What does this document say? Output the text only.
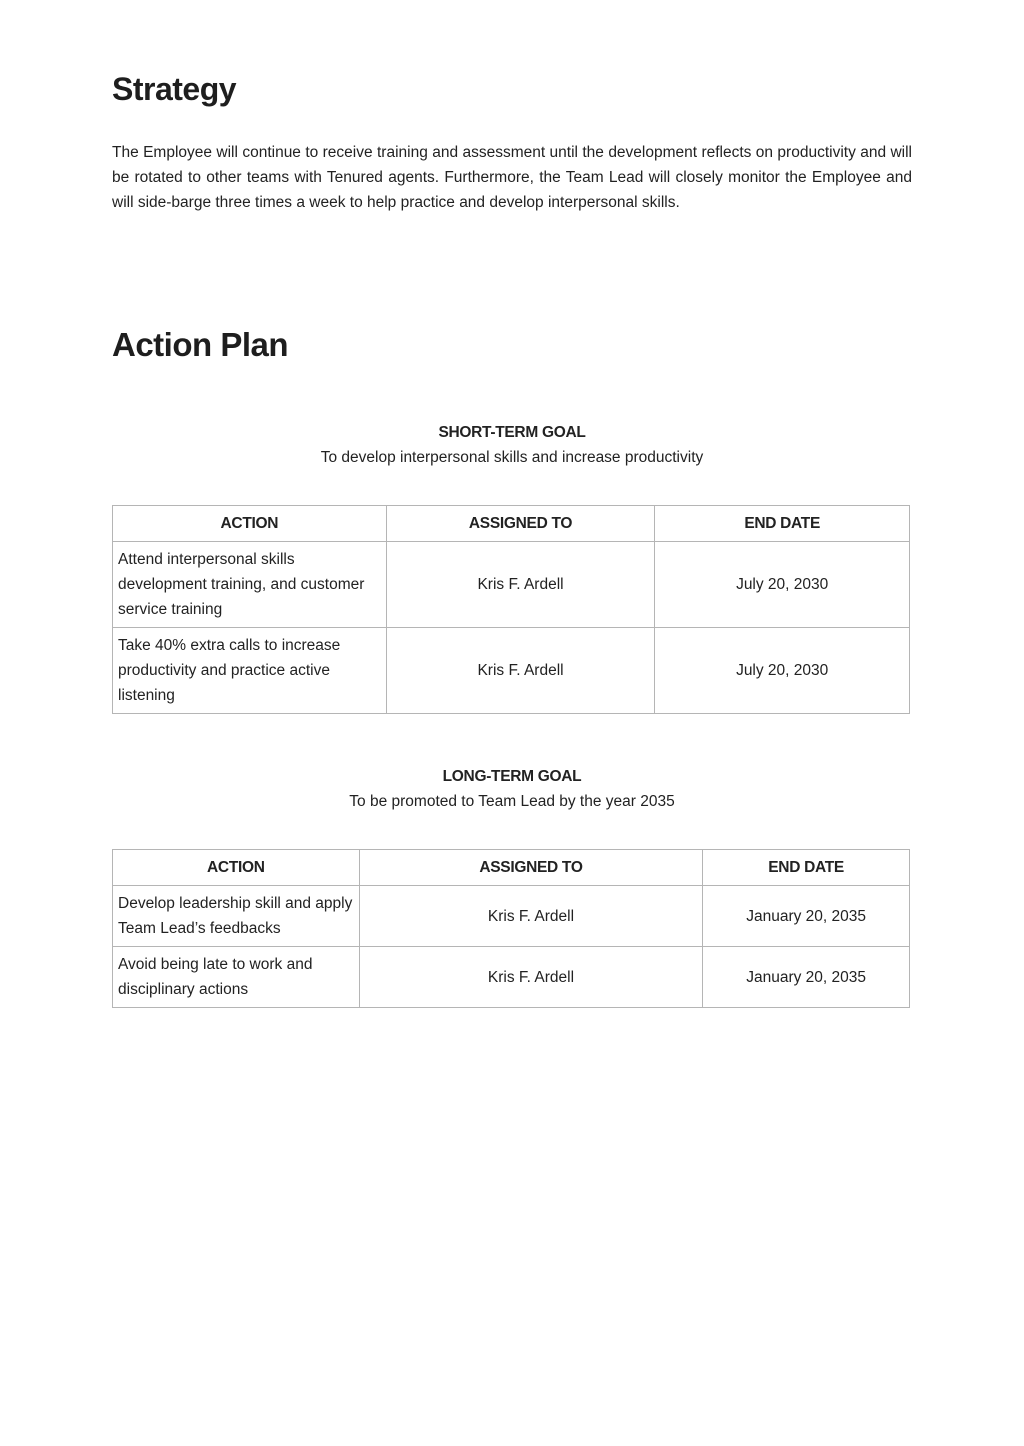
Strategy

The Employee will continue to receive training and assessment until the development reflects on productivity and will be rotated to other teams with Tenured agents. Furthermore, the Team Lead will closely monitor the Employee and will side-barge three times a week to help practice and develop interpersonal skills.

Action Plan
SHORT-TERM GOAL
To develop interpersonal skills and increase productivity
ACTION	ASSIGNED TO	END DATE
Attend interpersonal skills development training, and customer service training	Kris F. Ardell	July 20, 2030
Take 40% extra calls to increase productivity and practice active listening	Kris F. Ardell	July 20, 2030
LONG-TERM GOAL
To be promoted to Team Lead by the year 2035
ACTION	ASSIGNED TO	END DATE
Develop leadership skill and apply Team Lead’s feedbacks	Kris F. Ardell	January 20, 2035
Avoid being late to work and disciplinary actions	Kris F. Ardell	January 20, 2035
